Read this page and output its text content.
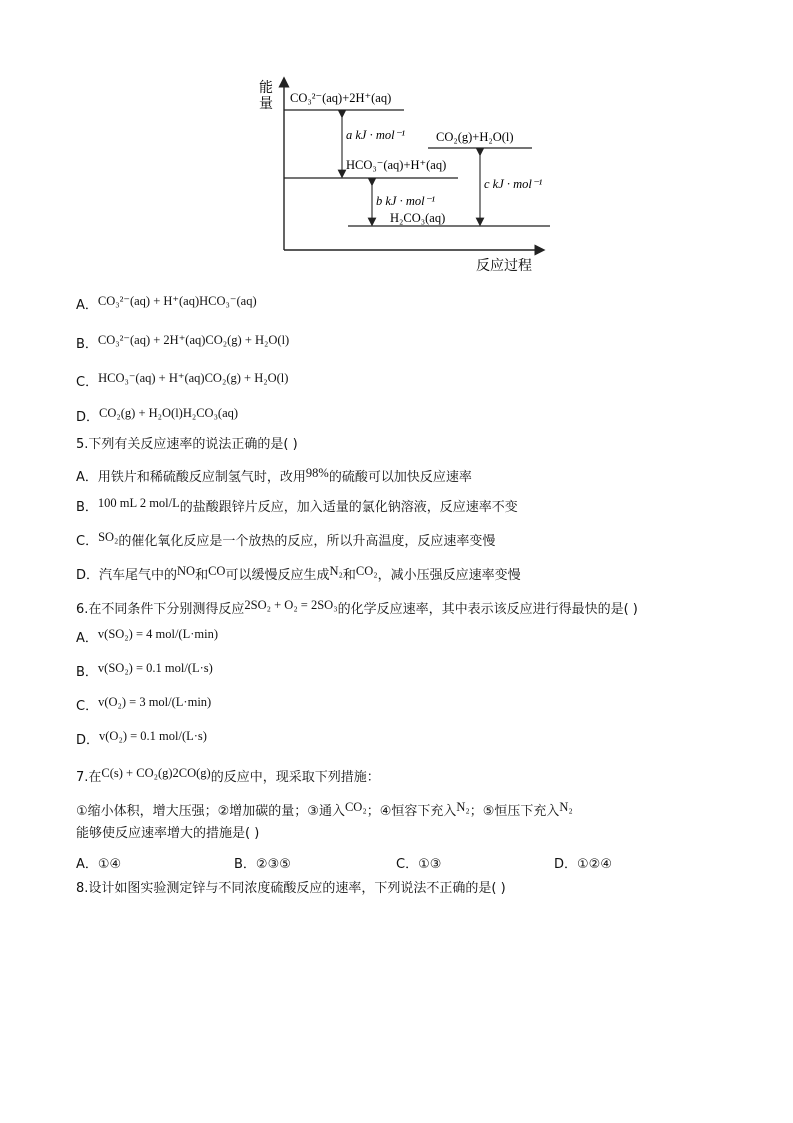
能 量
反应过程
CO₃²⁻(aq)+2H⁺(aq)
HCO₃⁻(aq)+H⁺(aq)
CO₂(g)+H₂O(l)
H₂CO₃(aq)
a kJ · mol⁻¹
b kJ · mol⁻¹
c kJ · mol⁻¹
A．CO₃²⁻(aq) + H⁺(aq)HCO₃⁻(aq)
B．CO₃²⁻(aq) + 2H⁺(aq)CO₂(g) + H₂O(l)
C．HCO₃⁻(aq) + H⁺(aq)CO₂(g) + H₂O(l)
D．CO₂(g) + H₂O(l)H₂CO₃(aq)
5.下列有关反应速率的说法正确的是( )
A．用铁片和稀硫酸反应制氢气时，改用98%的硫酸可以加快反应速率
B．100 mL 2 mol/L的盐酸跟锌片反应，加入适量的氯化钠溶液，反应速率不变
C．SO₂的催化氧化反应是一个放热的反应，所以升高温度，反应速率变慢
D．汽车尾气中的NO和CO可以缓慢反应生成N₂和CO₂，减小压强反应速率变慢
6.在不同条件下分别测得反应2SO₂ + O₂ = 2SO₃的化学反应速率，其中表示该反应进行得最快的是( )
A．v(SO₂) = 4 mol/(L·min)
B．v(SO₂) = 0.1 mol/(L·s)
C．v(O₂) = 3 mol/(L·min)
D．v(O₂) = 0.1 mol/(L·s)
7.在C(s) + CO₂(g)2CO(g)的反应中，现采取下列措施：
①缩小体积，增大压强；②增加碳的量；③通入CO₂；④恒容下充入N₂；⑤恒压下充入N₂
能够使反应速率增大的措施是( )
A．①④	B．②③⑤	C．①③	D．①②④
8.设计如图实验测定锌与不同浓度硫酸反应的速率，下列说法不正确的是( )
